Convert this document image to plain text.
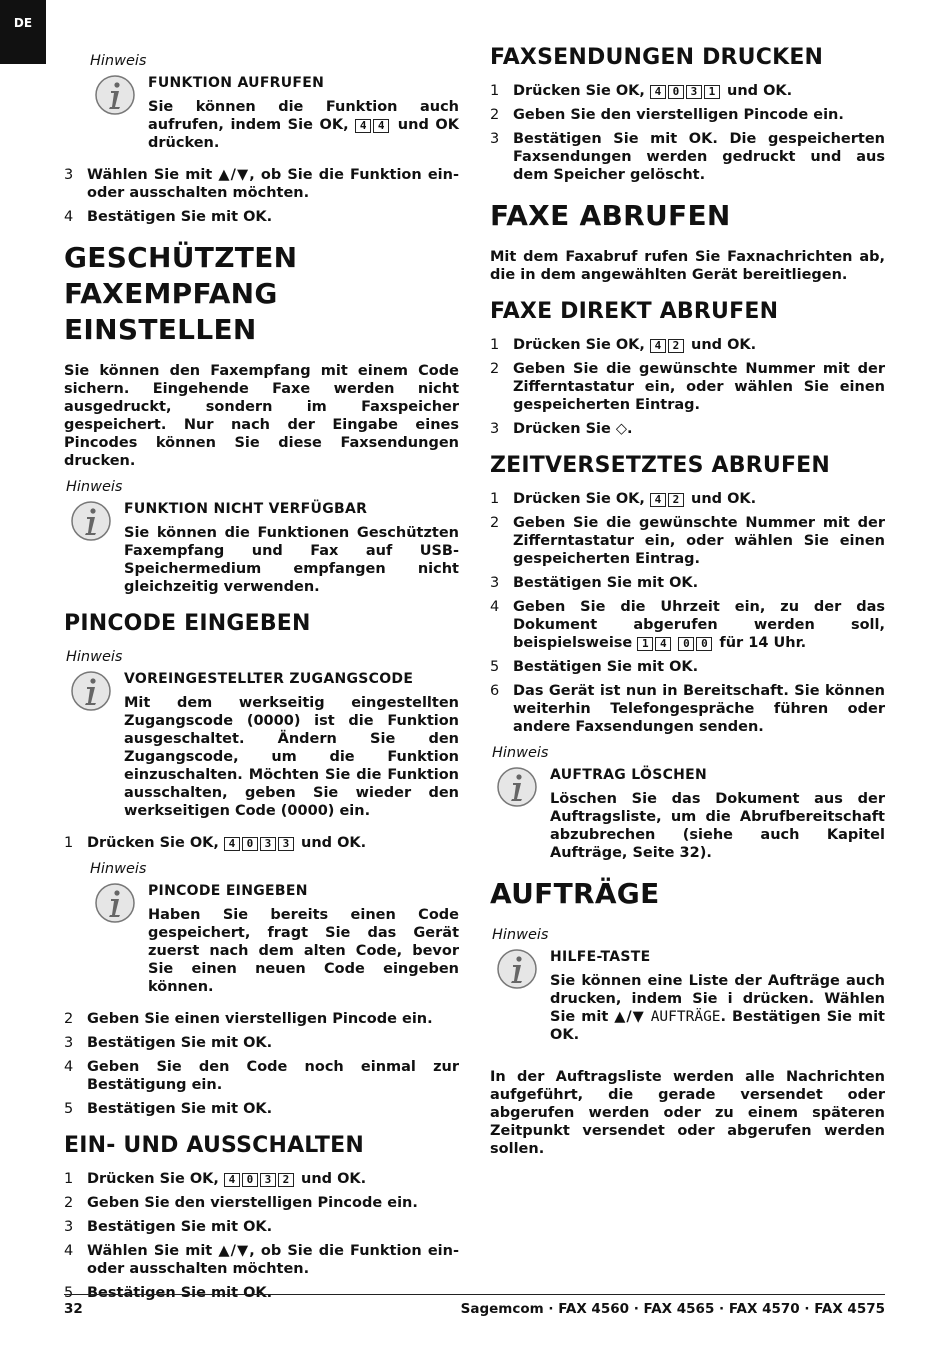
DE
Hinweis
FUNKTION AUFRUFEN
Sie können die Funktion auch aufrufen, indem Sie OK, 4 4 und OK drücken.
3 Wählen Sie mit ▲/▼, ob Sie die Funktion ein- oder ausschalten möchten.
4 Bestätigen Sie mit OK.
GESCHÜTZTEN FAXEMPFANG EINSTELLEN

Sie können den Faxempfang mit einem Code sichern. Eingehende Faxe werden nicht ausgedruckt, sondern im Faxspeicher gespeichert. Nur nach der Eingabe eines Pincodes können Sie diese Faxsendungen drucken.

Hinweis
FUNKTION NICHT VERFÜGBAR
Sie können die Funktionen Geschützten Faxempfang und Fax auf USB-Speichermedium empfangen nicht gleichzeitig verwenden.
PINCODE EINGEBEN
Hinweis
VOREINGESTELLTER ZUGANGSCODE
Mit dem werkseitig eingestellten Zugangscode (0000) ist die Funktion ausgeschaltet. Ändern Sie den Zugangscode, um die Funktion einzuschalten. Möchten Sie die Funktion ausschalten, geben Sie wieder den werkseitigen Code (0000) ein.
1 Drücken Sie OK, 4 0 3 3 und OK.
Hinweis
PINCODE EINGEBEN
Haben Sie bereits einen Code gespeichert, fragt Sie das Gerät zuerst nach dem alten Code, bevor Sie einen neuen Code eingeben können.
2 Geben Sie einen vierstelligen Pincode ein.
3 Bestätigen Sie mit OK.
4 Geben Sie den Code noch einmal zur Bestätigung ein.
5 Bestätigen Sie mit OK.
EIN- UND AUSSCHALTEN
1 Drücken Sie OK, 4 0 3 2 und OK.
2 Geben Sie den vierstelligen Pincode ein.
3 Bestätigen Sie mit OK.
4 Wählen Sie mit ▲/▼, ob Sie die Funktion ein- oder ausschalten möchten.
5 Bestätigen Sie mit OK.
FAXSENDUNGEN DRUCKEN
1 Drücken Sie OK, 4 0 3 1 und OK.
2 Geben Sie den vierstelligen Pincode ein.
3 Bestätigen Sie mit OK. Die gespeicherten Faxsendungen werden gedruckt und aus dem Speicher gelöscht.
FAXE ABRUFEN

Mit dem Faxabruf rufen Sie Faxnachrichten ab, die in dem angewählten Gerät bereitliegen.

FAXE DIREKT ABRUFEN
1 Drücken Sie OK, 4 2 und OK.
2 Geben Sie die gewünschte Nummer mit der Zifferntastatur ein, oder wählen Sie einen gespeicherten Eintrag.
3 Drücken Sie ◇.
ZEITVERSETZTES ABRUFEN
1 Drücken Sie OK, 4 2 und OK.
2 Geben Sie die gewünschte Nummer mit der Zifferntastatur ein, oder wählen Sie einen gespeicherten Eintrag.
3 Bestätigen Sie mit OK.
4 Geben Sie die Uhrzeit ein, zu der das Dokument abgerufen werden soll, beispielsweise 1 4 0 0 für 14 Uhr.
5 Bestätigen Sie mit OK.
6 Das Gerät ist nun in Bereitschaft. Sie können weiterhin Telefongespräche führen oder andere Faxsendungen senden.
Hinweis
AUFTRAG LÖSCHEN
Löschen Sie das Dokument aus der Auftragsliste, um die Abrufbereitschaft abzubrechen (siehe auch Kapitel Aufträge, Seite 32).
AUFTRÄGE
Hinweis
HILFE-TASTE
Sie können eine Liste der Aufträge auch drucken, indem Sie i drücken. Wählen Sie mit ▲/▼ AUFTRÄGE. Bestätigen Sie mit OK.

In der Auftragsliste werden alle Nachrichten aufgeführt, die gerade versendet oder abgerufen werden oder zu einem späteren Zeitpunkt versendet oder abgerufen werden sollen.

32	Sagemcom · FAX 4560 · FAX 4565 · FAX 4570 · FAX 4575
